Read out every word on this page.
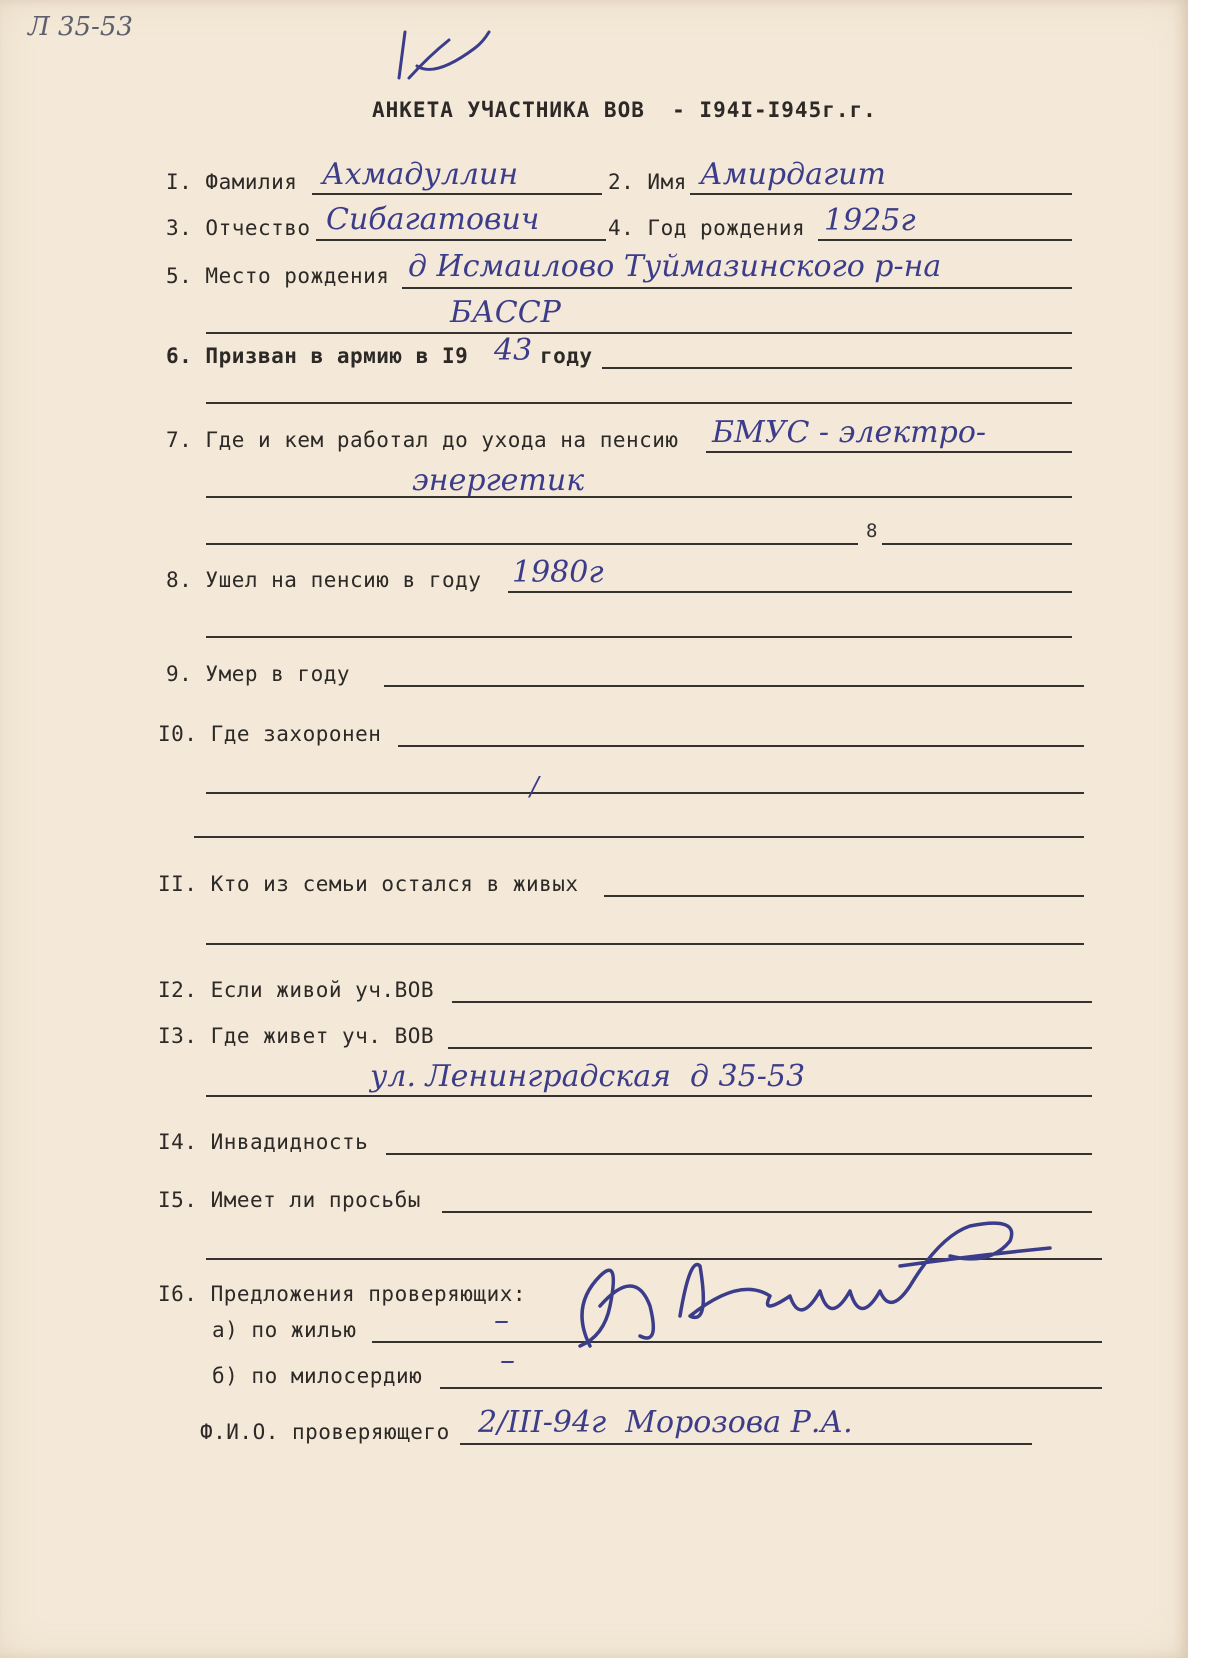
Л 35-53
АНКЕТА УЧАСТНИКА ВОВ  - I94I-I945г.г.
I. Фамилия Ахмадуллин	2. Имя Амирдагит
3. Отчество Сибагатович	4. Год рождения 1925г
5. Место рождения д Исмаилово Туймазинского р-на
БАССР
6. Призван в армию в I9 43 году
7. Где и кем работал до ухода на пенсию БМУС - электро-
энергетик
8
8. Ушел на пенсию в году 1980г
9. Умер в году
I0. Где захоронен
/
II. Кто из семьи остался в живых
I2. Если живой уч.ВОВ
I3. Где живет уч. ВОВ
ул. Ленинградская  д 35-53
I4. Инвадидность
I5. Имеет ли просьбы
I6. Предложения проверяющих:
а) по жилью	–
б) по милосердию	–
Ф.И.О. проверяющего 2/III-94г  Морозова Р.А.
